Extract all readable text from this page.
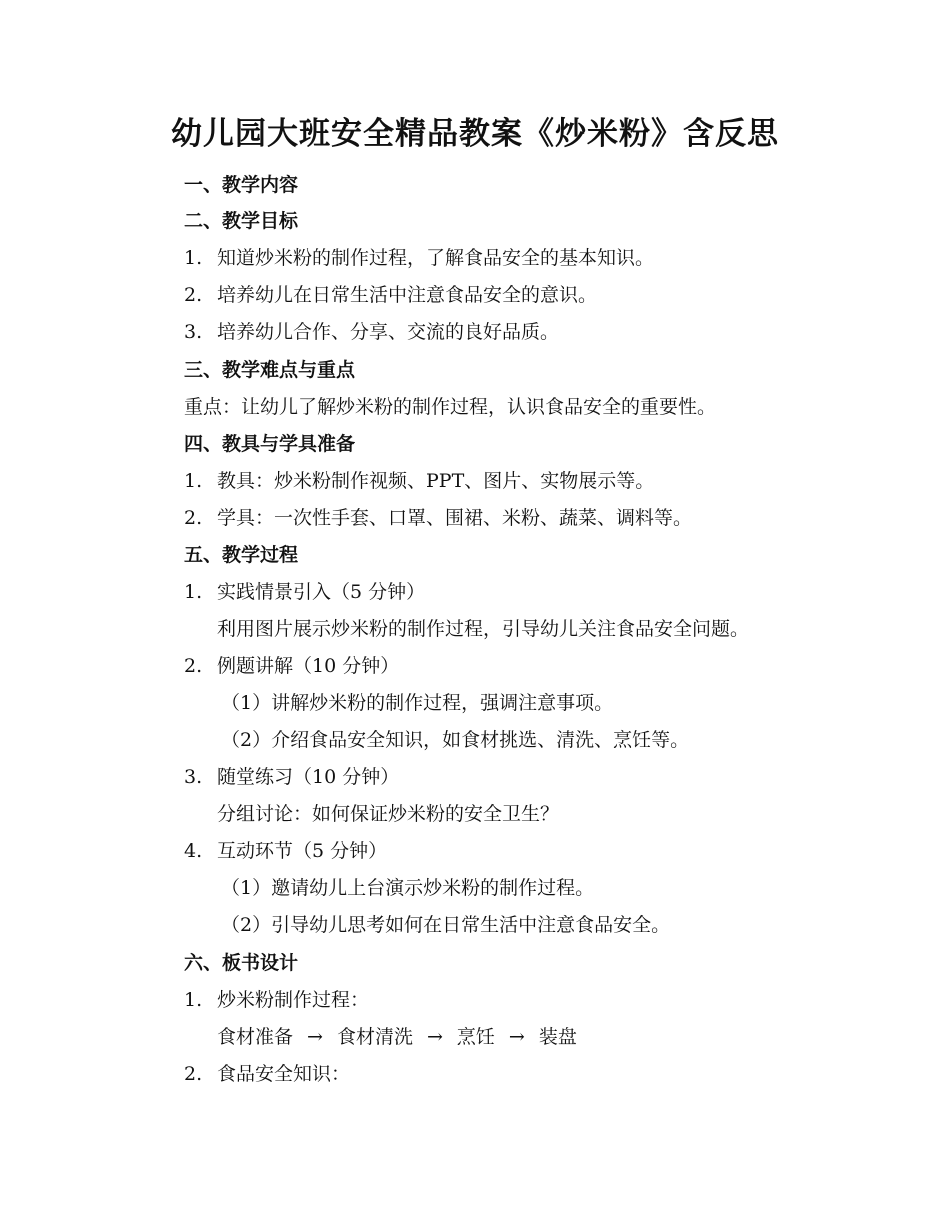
幼儿园大班安全精品教案《炒米粉》含反思
一、教学内容
二、教学目标
1. 知道炒米粉的制作过程，了解食品安全的基本知识。
2. 培养幼儿在日常生活中注意食品安全的意识。
3. 培养幼儿合作、分享、交流的良好品质。
三、教学难点与重点
重点：让幼儿了解炒米粉的制作过程，认识食品安全的重要性。
四、教具与学具准备
1. 教具：炒米粉制作视频、PPT、图片、实物展示等。
2. 学具：一次性手套、口罩、围裙、米粉、蔬菜、调料等。
五、教学过程
1. 实践情景引入（5 分钟）
利用图片展示炒米粉的制作过程，引导幼儿关注食品安全问题。
2. 例题讲解（10 分钟）
（1）讲解炒米粉的制作过程，强调注意事项。
（2）介绍食品安全知识，如食材挑选、清洗、烹饪等。
3. 随堂练习（10 分钟）
分组讨论：如何保证炒米粉的安全卫生？
4. 互动环节（5 分钟）
（1）邀请幼儿上台演示炒米粉的制作过程。
（2）引导幼儿思考如何在日常生活中注意食品安全。
六、板书设计
1. 炒米粉制作过程：
食材准备 → 食材清洗 → 烹饪 → 装盘
2. 食品安全知识：
